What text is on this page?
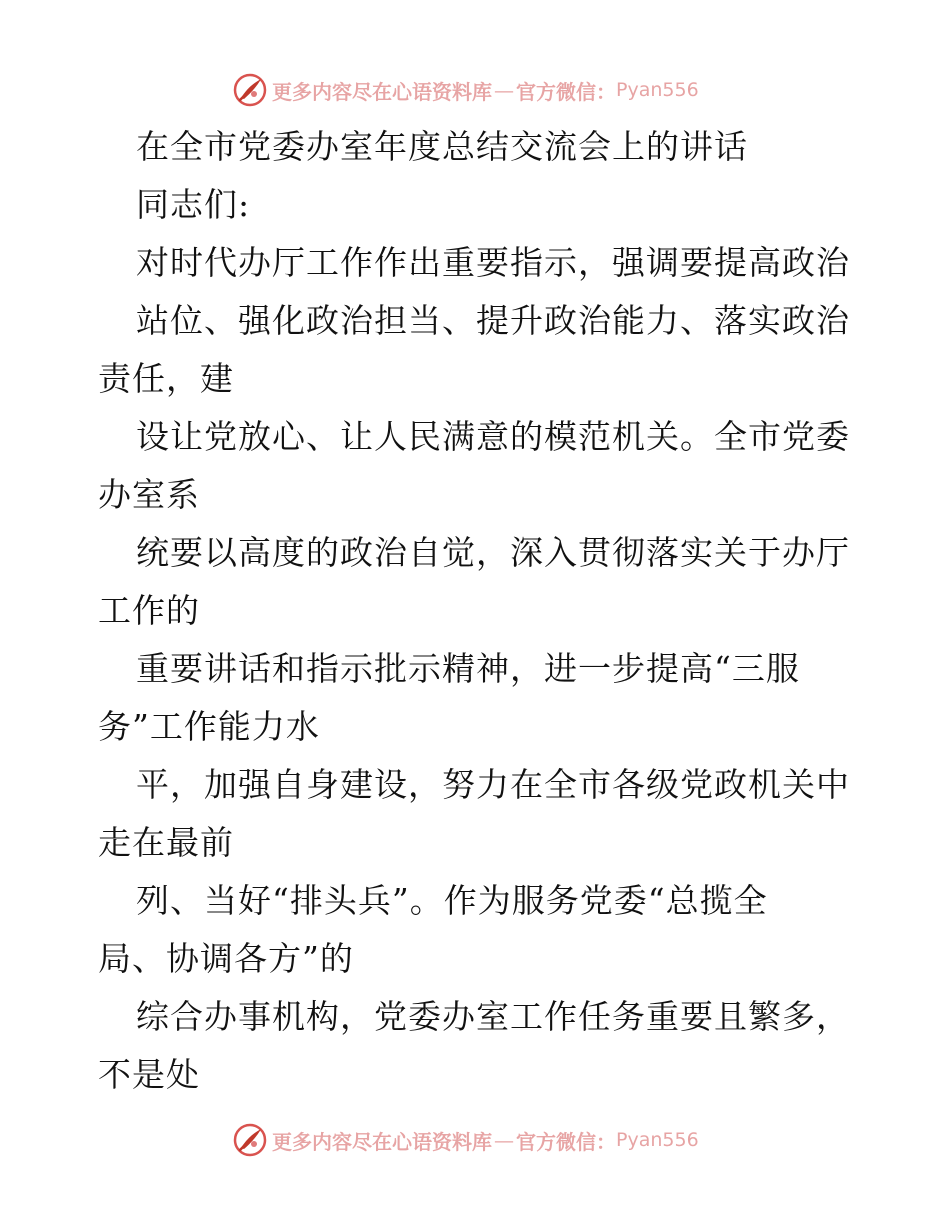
更多内容尽在心语资料库 — 官方微信： Pyan556
在全市党委办室年度总结交流会上的讲话
同志们:
对时代办厅工作作出重要指示，强调要提高政治
站位、强化政治担当、提升政治能力、落实政治
责任，建
设让党放心、让人民满意的模范机关。全市党委
办室系
统要以高度的政治自觉，深入贯彻落实关于办厅
工作的
重要讲话和指示批示精神，进一步提高“三服
务”工作能力水
平，加强自身建设，努力在全市各级党政机关中
走在最前
列、当好“排头兵”。作为服务党委“总揽全
局、协调各方”的
综合办事机构，党委办室工作任务重要且繁多，
不是处
更多内容尽在心语资料库 — 官方微信： Pyan556
